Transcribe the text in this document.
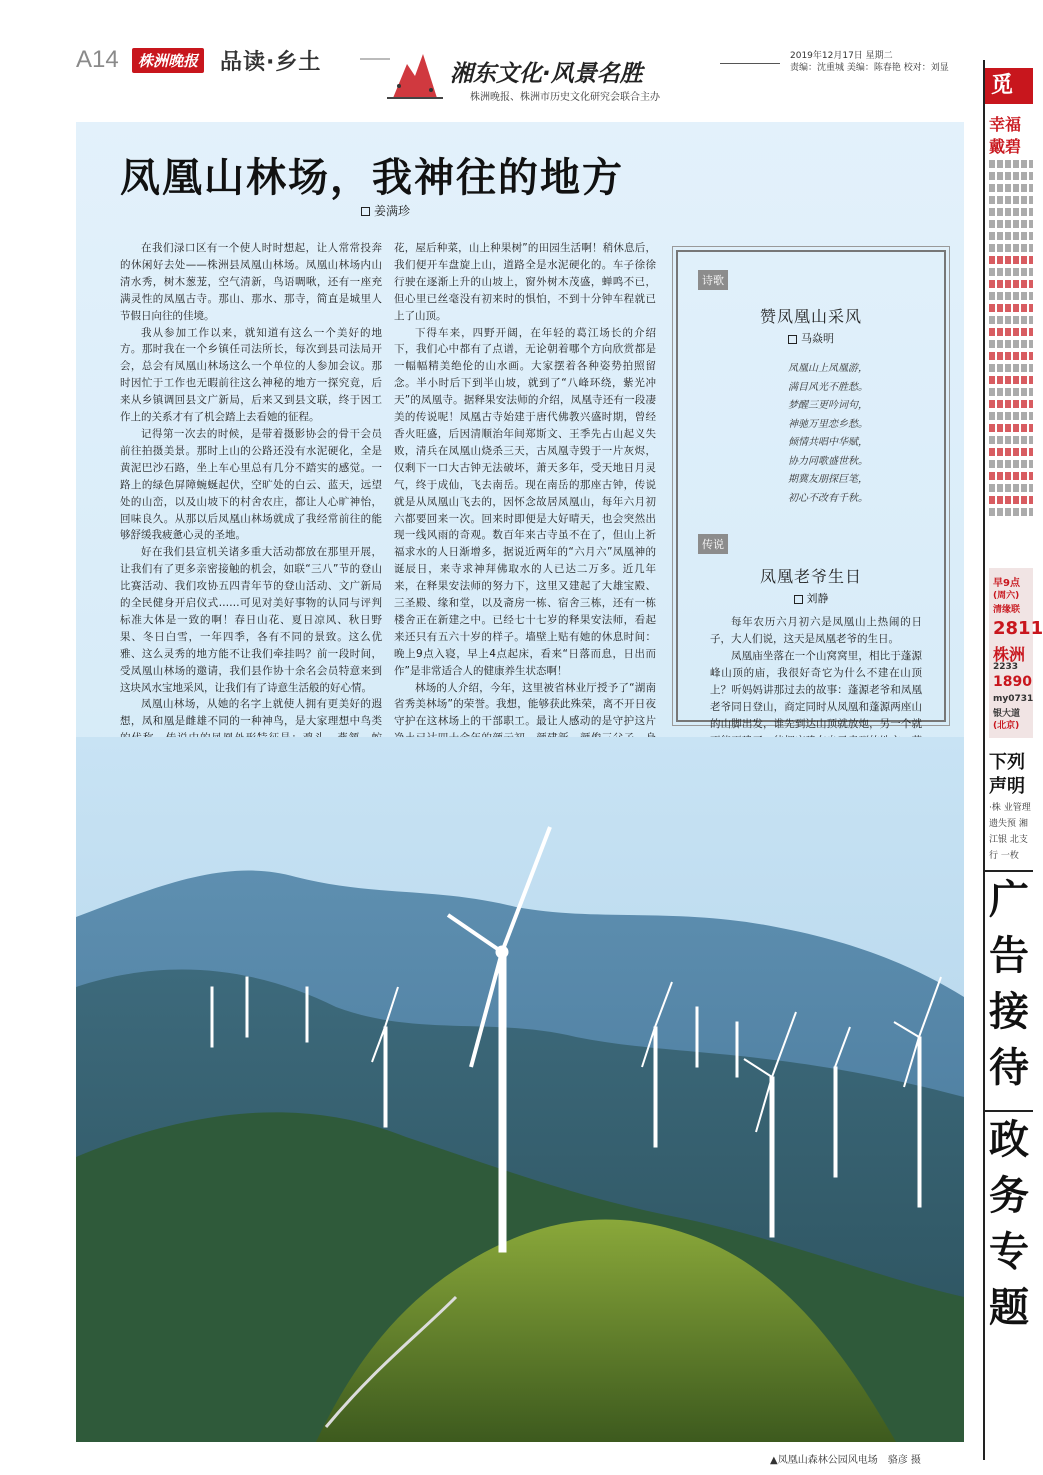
A14	株洲晚报 品读·乡土	湘东文化·风景名胜
株洲晚报、株洲市历史文化研究会联合主办
2019年12月17日 星期二
责编：沈重城 美编：陈春艳 校对：刘显
凤凰山林场，我神往的地方
姜满珍

在我们渌口区有一个使人时时想起，让人常常投奔的休闲好去处——株洲县凤凰山林场。凤凰山林场内山清水秀，树木葱茏，空气清新，鸟语啁啾，还有一座充满灵性的凤凰古寺。那山、那水、那寺，简直是城里人节假日向往的佳境。

我从参加工作以来，就知道有这么一个美好的地方。那时我在一个乡镇任司法所长，每次到县司法局开会，总会有凤凰山林场这么一个单位的人参加会议。那时因忙于工作也无暇前往这么神秘的地方一探究竟，后来从乡镇调回县文广新局，后来又到县文联，终于因工作上的关系才有了机会踏上去看她的征程。

记得第一次去的时候，是带着摄影协会的骨干会员前往拍摄美景。那时上山的公路还没有水泥硬化，全是黄泥巴沙石路，坐上车心里总有几分不踏实的感觉。一路上的绿色屏障蜿蜒起伏，空旷处的白云、蓝天，远望处的山峦，以及山坡下的村舍农庄，都让人心旷神怡，回味良久。从那以后凤凰山林场就成了我经常前往的能够舒缓我疲惫心灵的圣地。

好在我们县宣机关诸多重大活动都放在那里开展，让我们有了更多亲密接触的机会，如联“三八”节的登山比赛活动、我们攻协五四青年节的登山活动、文广新局的全民健身开启仪式……可见对美好事物的认同与评判标准大体是一致的啊！春日山花、夏日凉风、秋日野果、冬日白雪，一年四季，各有不同的景致。这么优雅、这么灵秀的地方能不让我们牵挂吗？前一段时间，受凤凰山林场的邀请，我们县作协十余名会员特意来到这块风水宝地采风，让我们有了诗意生活般的好心情。

凤凰山林场，从她的名字上就使人拥有更美好的遐想，凤和凰是雌雄不同的一种神鸟，是大家理想中鸟类

花，屋后种菜，山上种果树”的田园生活啊！稍休息后，我们便开车盘旋上山，道路全是水泥硬化的。车子徐徐行驶在逐渐上升的山坡上，窗外树木茂盛，蝉鸣不已，但心里已丝毫没有初来时的惧怕，不到十分钟车程就已上了山顶。

下得车来，四野开阔，在年轻的葛江场长的介绍下，我们心中都有了点谱，无论朝着哪个方向欣赏都是一幅幅精美绝伦的山水画。大家摆着各种姿势拍照留念。半小时后下到半山坡，就到了“八峰环绕，紫光冲天”的凤凰寺。据释果安法师的介绍，凤凰寺还有一段凄美的传说呢！凤凰古寺始建于唐代佛教兴盛时期，曾经香火旺盛，后因清顺治年间郑斯文、王季先占山起义失败，清兵在凤凰山烧杀三天，古凤凰寺毁于一片灰烬，仅剩下一口大古钟无法破坏，萧天多年，受天地日月灵气，终于成仙，飞去南岳。现在南岳的那座古钟，传说就是从凤凰山飞去的，因怀念故居凤凰山，每年六月初六都要回来一次。回来时即便是大好晴天，也会突然出现一线风雨的奇观。数百年来古寺虽不在了，但山上祈福求水的人日渐增多，据说近两年的“六月六”凤凰神的诞辰日，来寺求神拜佛取水的人已达二万多。近几年来，在释果安法师的努力下，这里又建起了大雄宝殿、三圣殿、缘和堂，以及斋房一栋、宿舍三栋，还有一栋楼舍正在新建之中。已经七十七岁的释果安法师，看起来还只有五六十岁的样子。墙壁上贴有她的休息时间：晚上9点入寝，早上4点起床，看来“日落而息，日出而作”是非常适合人的健康养生状态啊！

林场的人介绍，今年，这里被省林业厅授予了“湖南省秀美林场”的荣誉。我想，能够获此殊荣，离不开日夜守护在这林场上的干部职工。最让人感动的是守护这片

诗歌
赞凤凰山采风
马焱明
凤凰山上凤凰游，
满目风光不胜愁。
梦醒三更吟词句，
神驰万里恋乡愁。
倾情共唱中华赋，
协力同歌盛世秋。
期冀友朋探巨笔，
初心不改有千秋。
传说
凤凰老爷生日
刘静

每年农历六月初六是凤凰山上热闹的日子，大人们说，这天是凤凰老爷的生日。

凤凰庙坐落在一个山窝窝里，相比于蓬源峰山顶的庙，我很好奇它为什么不建在山顶上？听妈妈讲那过去的故事：蓬源老爷和凤凰老爷同日登山，商定同时从凤凰和蓬源两座山的山脚出发，谁先到达山顶就放炮，另一个就

▲凤凰山森林公园风电场　骆彦 摄
觅
幸福
戴碧
早9点
(周六)
清缘联
2811
株洲
2233
1890
my0731
银大道
(北京)
下列
声明
·株 业管理 遗失预 湘江银 北支行 一枚
广
告
接
待
政
务
专
题
